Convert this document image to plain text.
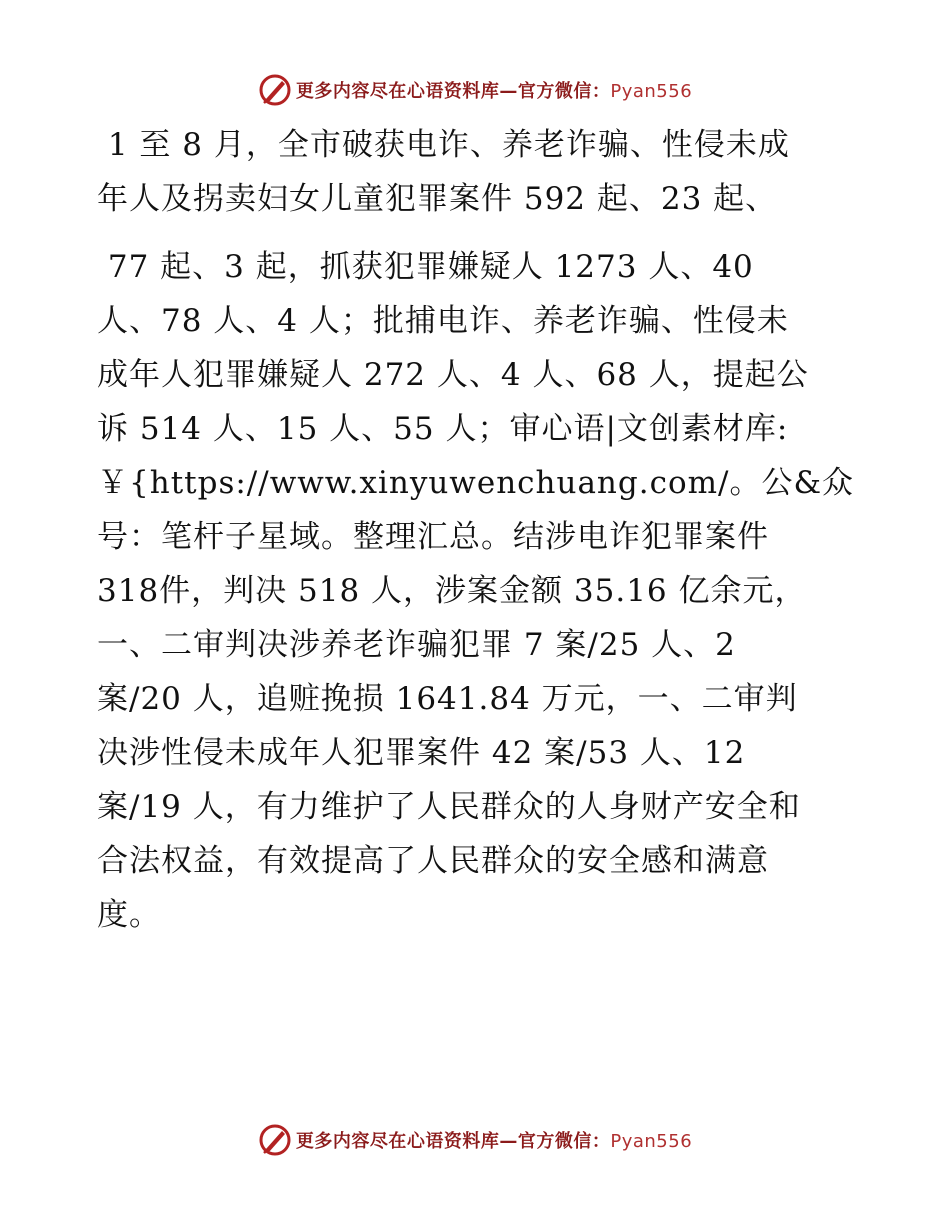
更多内容尽在心语资料库—官方微信：Pyan556
1 至 8 月，全市破获电诈、养老诈骗、性侵未成
年人及拐卖妇女儿童犯罪案件 592 起、23 起、
77 起、3 起，抓获犯罪嫌疑人 1273 人、40
人、78 人、4 人；批捕电诈、养老诈骗、性侵未
成年人犯罪嫌疑人 272 人、4 人、68 人，提起公
诉 514 人、15 人、55 人；审心语|文创素材库:
￥{https://www.xinyuwenchuang.com/。公&众
号：笔杆子星域。整理汇总。结涉电诈犯罪案件
318件，判决 518 人，涉案金额 35.16 亿余元，
一、二审判决涉养老诈骗犯罪 7 案/25 人、2
案/20 人，追赃挽损 1641.84 万元，一、二审判
决涉性侵未成年人犯罪案件 42 案/53 人、12
案/19 人，有力维护了人民群众的人身财产安全和
合法权益，有效提高了人民群众的安全感和满意
度。
更多内容尽在心语资料库—官方微信：Pyan556
